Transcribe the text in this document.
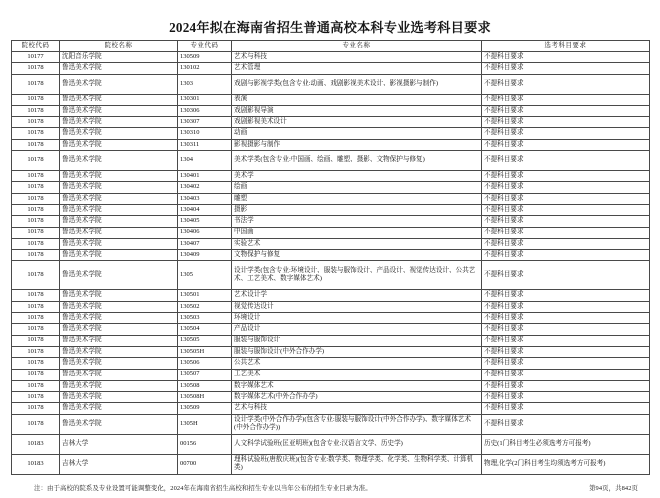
2024年拟在海南省招生普通高校本科专业选考科目要求
院校代码	院校名称	专业代码	专业名称	选考科目要求
10177	沈阳音乐学院	130509	艺术与科技	不提科目要求
10178	鲁迅美术学院	130102	艺术管理	不提科目要求
10178	鲁迅美术学院	1303	戏剧与影视学类(包含专业:动画、戏剧影视美术设计、影视摄影与制作)	不提科目要求
10178	鲁迅美术学院	130301	表演	不提科目要求
10178	鲁迅美术学院	130306	戏剧影视导演	不提科目要求
10178	鲁迅美术学院	130307	戏剧影视美术设计	不提科目要求
10178	鲁迅美术学院	130310	动画	不提科目要求
10178	鲁迅美术学院	130311	影视摄影与制作	不提科目要求
10178	鲁迅美术学院	1304	美术学类(包含专业:中国画、绘画、雕塑、摄影、文物保护与修复)	不提科目要求
10178	鲁迅美术学院	130401	美术学	不提科目要求
10178	鲁迅美术学院	130402	绘画	不提科目要求
10178	鲁迅美术学院	130403	雕塑	不提科目要求
10178	鲁迅美术学院	130404	摄影	不提科目要求
10178	鲁迅美术学院	130405	书法学	不提科目要求
10178	鲁迅美术学院	130406	中国画	不提科目要求
10178	鲁迅美术学院	130407	实验艺术	不提科目要求
10178	鲁迅美术学院	130409	文物保护与修复	不提科目要求
10178	鲁迅美术学院	1305	设计学类(包含专业:环境设计、服装与服饰设计、产品设计、视觉传达设计、公共艺术、工艺美术、数字媒体艺术)	不提科目要求
10178	鲁迅美术学院	130501	艺术设计学	不提科目要求
10178	鲁迅美术学院	130502	视觉传达设计	不提科目要求
10178	鲁迅美术学院	130503	环境设计	不提科目要求
10178	鲁迅美术学院	130504	产品设计	不提科目要求
10178	鲁迅美术学院	130505	服装与服饰设计	不提科目要求
10178	鲁迅美术学院	130505H	服装与服饰设计(中外合作办学)	不提科目要求
10178	鲁迅美术学院	130506	公共艺术	不提科目要求
10178	鲁迅美术学院	130507	工艺美术	不提科目要求
10178	鲁迅美术学院	130508	数字媒体艺术	不提科目要求
10178	鲁迅美术学院	130508H	数字媒体艺术(中外合作办学)	不提科目要求
10178	鲁迅美术学院	130509	艺术与科技	不提科目要求
10178	鲁迅美术学院	1305H	设计学类(中外合作办学)(包含专业:服装与服饰设计(中外合作办学)、数字媒体艺术(中外合作办学))	不提科目要求
10183	吉林大学	00156	人文科学试验班(匡亚明班)(包含专业:汉语言文学、历史学)	历史(1门科目考生必须选考方可报考)
10183	吉林大学	00700	理科试验班(唐敖庆班)(包含专业:数学类、物理学类、化学类、生物科学类、计算机类)	物理,化学(2门科目考生均须选考方可报考)
注：由于高校的院系及专业设置可能调整变化，2024年在海南省招生高校和招生专业以当年公布的招生专业目录为准。	第94页，共842页
